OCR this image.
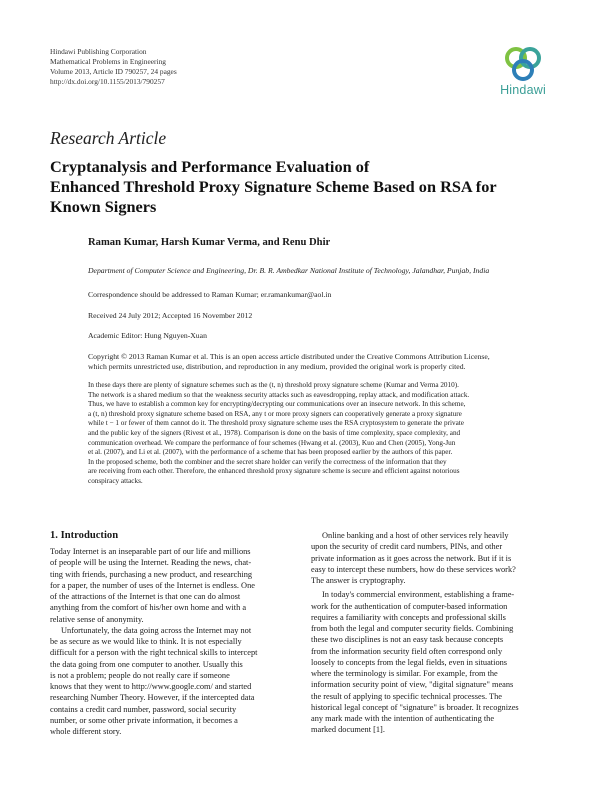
Hindawi Publishing Corporation
Mathematical Problems in Engineering
Volume 2013, Article ID 790257, 24 pages
http://dx.doi.org/10.1155/2013/790257
Hindawi
Research Article
Cryptanalysis and Performance Evaluation of
Enhanced Threshold Proxy Signature Scheme Based on RSA for
Known Signers
Raman Kumar, Harsh Kumar Verma, and Renu Dhir
Department of Computer Science and Engineering, Dr. B. R. Ambedkar National Institute of Technology, Jalandhar, Punjab, India
Correspondence should be addressed to Raman Kumar; er.ramankumar@aol.in
Received 24 July 2012; Accepted 16 November 2012
Academic Editor: Hung Nguyen-Xuan
Copyright © 2013 Raman Kumar et al. This is an open access article distributed under the Creative Commons Attribution License,
which permits unrestricted use, distribution, and reproduction in any medium, provided the original work is properly cited.
In these days there are plenty of signature schemes such as the (t, n) threshold proxy signature scheme (Kumar and Verma 2010).
The network is a shared medium so that the weakness security attacks such as eavesdropping, replay attack, and modification attack.
Thus, we have to establish a common key for encrypting/decrypting our communications over an insecure network. In this scheme,
a (t, n) threshold proxy signature scheme based on RSA, any t or more proxy signers can cooperatively generate a proxy signature
while t − 1 or fewer of them cannot do it. The threshold proxy signature scheme uses the RSA cryptosystem to generate the private
and the public key of the signers (Rivest et al., 1978). Comparison is done on the basis of time complexity, space complexity, and
communication overhead. We compare the performance of four schemes (Hwang et al. (2003), Kuo and Chen (2005), Yong-Jun
et al. (2007), and Li et al. (2007), with the performance of a scheme that has been proposed earlier by the authors of this paper.
In the proposed scheme, both the combiner and the secret share holder can verify the correctness of the information that they
are receiving from each other. Therefore, the enhanced threshold proxy signature scheme is secure and efficient against notorious
conspiracy attacks.
1. Introduction
Today Internet is an inseparable part of our life and millions
of people will be using the Internet. Reading the news, chat-
ting with friends, purchasing a new product, and researching
for a paper, the number of uses of the Internet is endless. One
of the attractions of the Internet is that one can do almost
anything from the comfort of his/her own home and with a
relative sense of anonymity.
Unfortunately, the data going across the Internet may not
be as secure as we would like to think. It is not especially
difficult for a person with the right technical skills to intercept
the data going from one computer to another. Usually this
is not a problem; people do not really care if someone
knows that they went to http://www.google.com/ and started
researching Number Theory. However, if the intercepted data
contains a credit card number, password, social security
number, or some other private information, it becomes a
whole different story.
Online banking and a host of other services rely heavily
upon the security of credit card numbers, PINs, and other
private information as it goes across the network. But if it is
easy to intercept these numbers, how do these services work?
The answer is cryptography.
In today's commercial environment, establishing a frame-
work for the authentication of computer-based information
requires a familiarity with concepts and professional skills
from both the legal and computer security fields. Combining
these two disciplines is not an easy task because concepts
from the information security field often correspond only
loosely to concepts from the legal fields, even in situations
where the terminology is similar. For example, from the
information security point of view, "digital signature" means
the result of applying to specific technical processes. The
historical legal concept of "signature" is broader. It recognizes
any mark made with the intention of authenticating the
marked document [1].
